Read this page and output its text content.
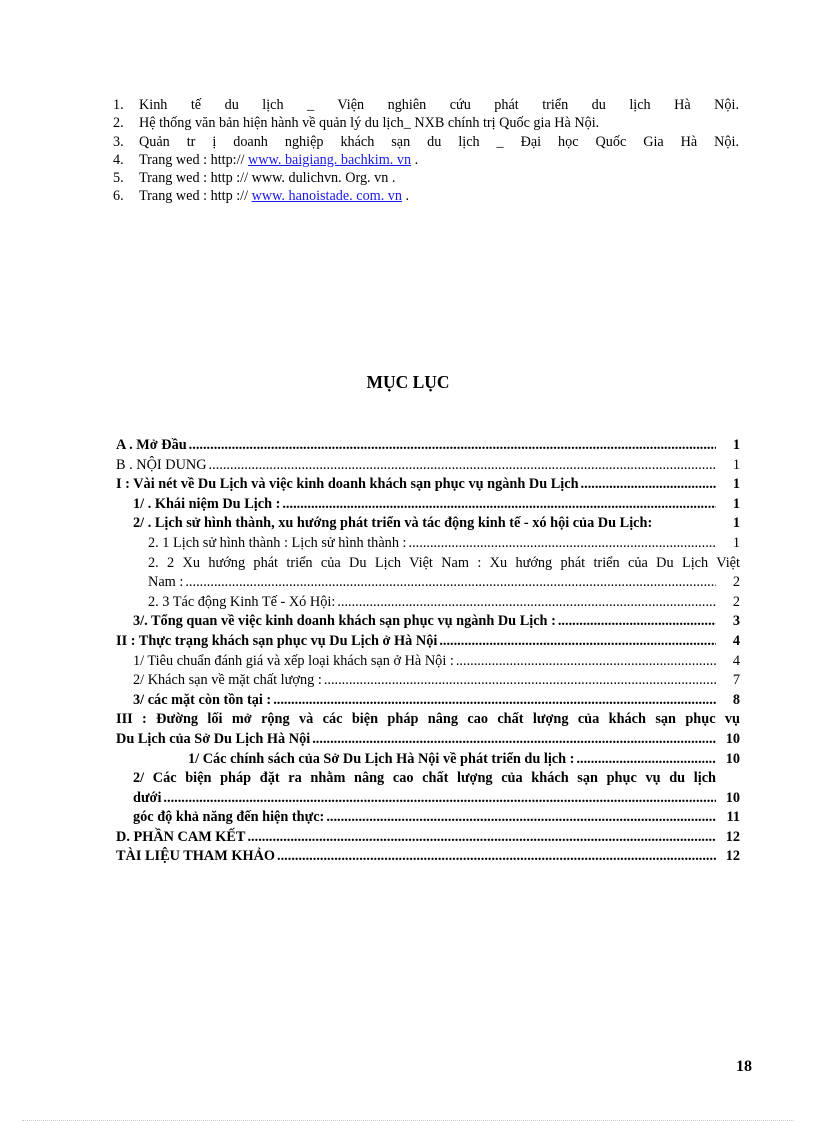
1.	Kinh tế du lịch _ Viện nghiên cứu phát triển du lịch Hà Nội.
2.	Hệ thống văn bản hiện hành về quản lý du lịch_ NXB chính trị Quốc gia Hà Nội.
3.	Quản tr ị doanh nghiệp khách sạn du lịch _ Đại học Quốc Gia Hà Nội.
4.	Trang wed : http:// www. baigiang. bachkim. vn .
5.	Trang wed : http :// www. dulichvn. Org. vn .
6.	Trang wed : http :// www. hanoistade. com. vn .
MỤC LỤC
A . Mở Đầu .....	1
B . NỘI DUNG .....	1
I : Vài nét về Du Lịch và việc kinh doanh khách sạn phục vụ ngành Du Lịch .....	1
1/ . Khái niệm Du Lịch : .....	1
2/ . Lịch sử hình thành, xu hướng phát triển và tác động kinh tế - xó hội của Du Lịch:	1
2. 1 Lịch sử hình thành : Lịch sử hình thành : .....	1
2. 2 Xu hướng phát triển của Du Lịch Việt Nam : Xu hướng phát triển của Du Lịch Việt
Nam : .....	2
2. 3 Tác động Kinh Tế - Xó Hội: .....	2
3/. Tổng quan về việc kinh doanh khách sạn phục vụ ngành Du Lịch : .....	3
II : Thực trạng khách sạn phục vụ Du Lịch ở Hà Nội .....	4
1/ Tiêu chuẩn đánh giá và xếp loại khách sạn ở Hà Nội : .....	4
2/ Khách sạn về mặt chất lượng : .....	7
3/ các mặt còn tồn tại : .....	8
III : Đường lối mở rộng và các biện pháp nâng cao chất lượng của khách sạn phục vụ
Du Lịch của Sở Du Lịch Hà Nội .....	10
1/ Các chính sách của Sở Du Lịch Hà Nội về phát triển du lịch : .....	10
2/ Các biện pháp đặt ra nhằm nâng cao chất lượng của khách sạn phục vụ du lịch
dưới .....	10
góc độ khả năng đến hiện thực: .....	11
D. PHẦN CAM KẾT .....	12
TÀI LIỆU THAM KHẢO .....	12
18
